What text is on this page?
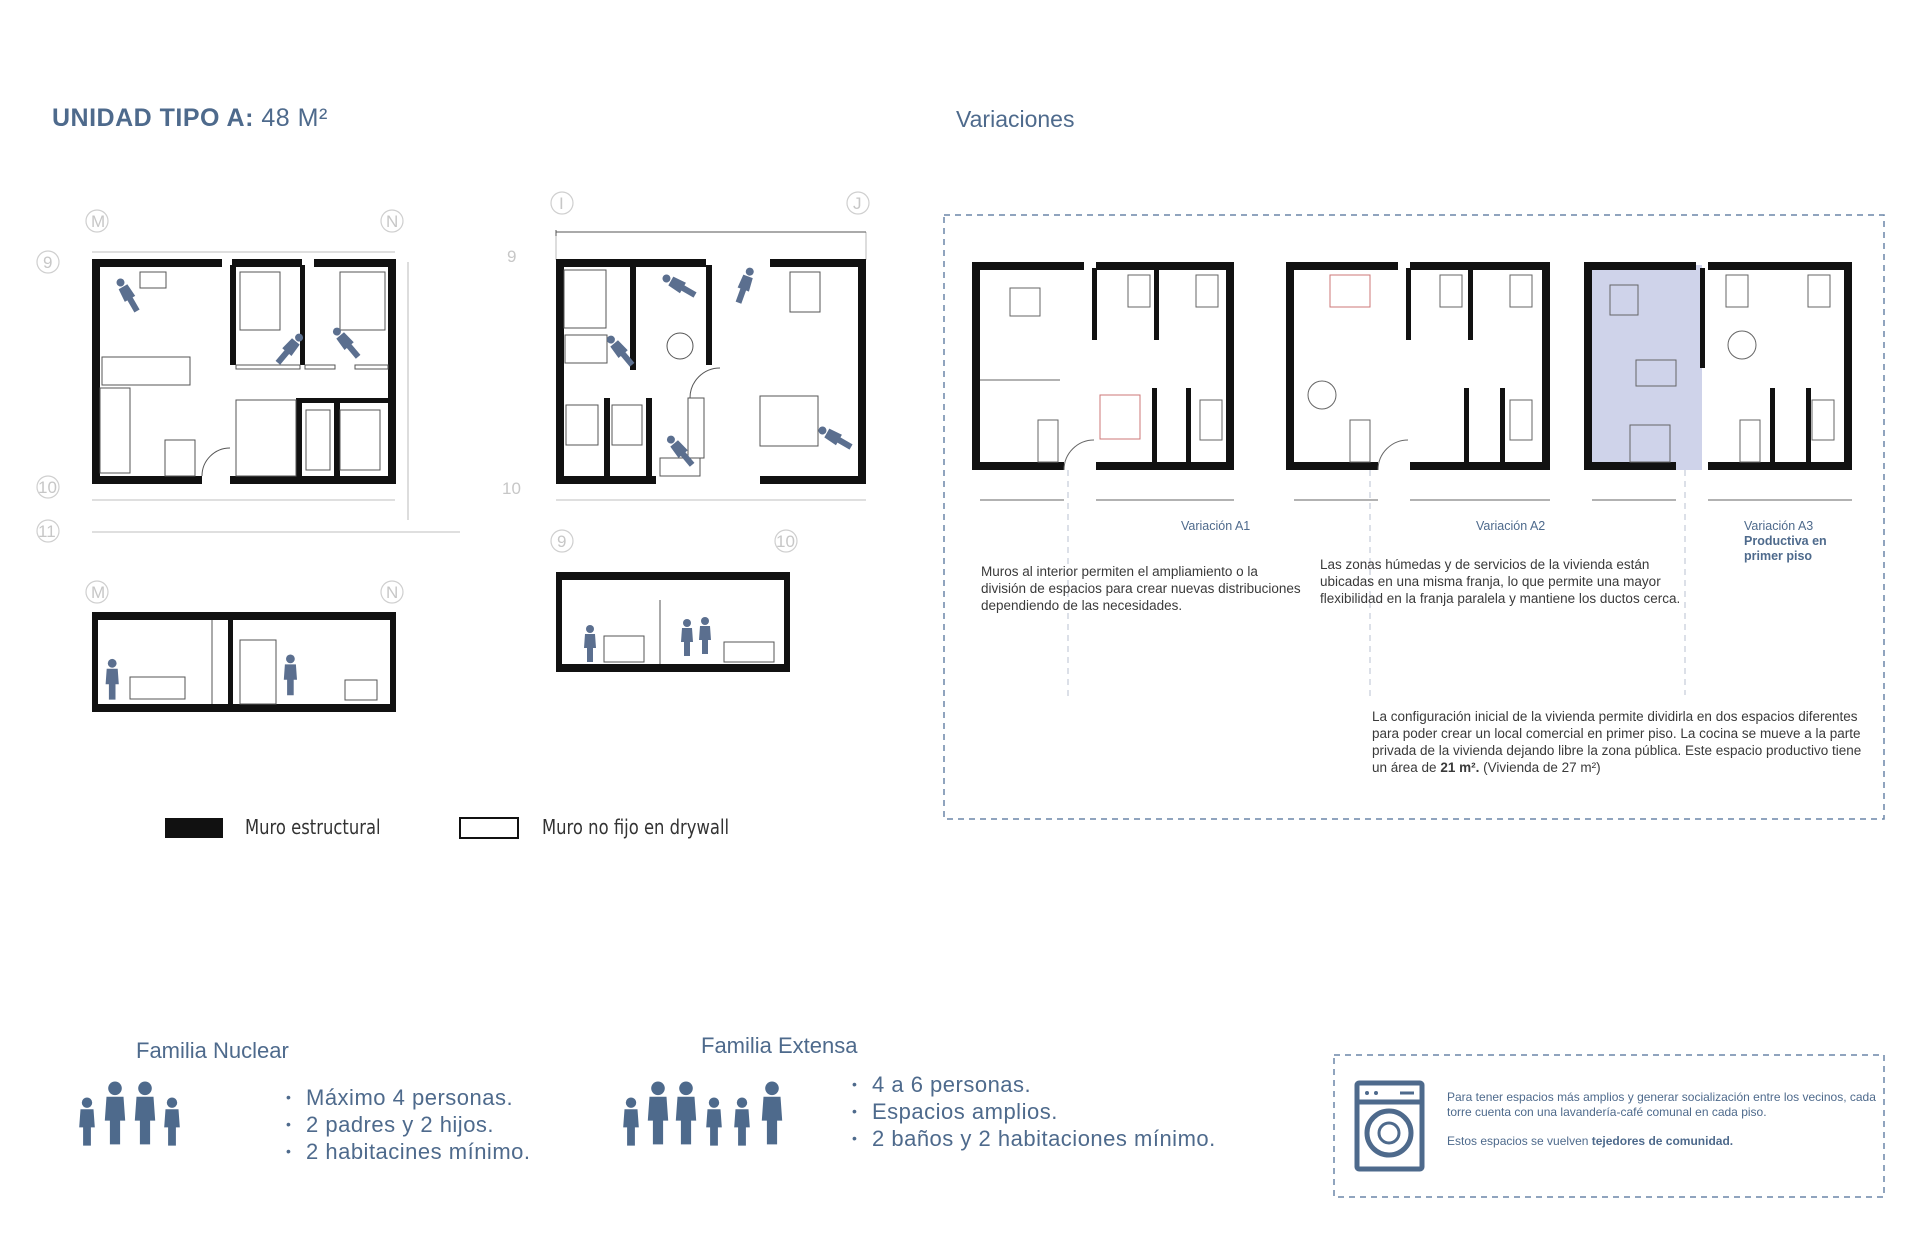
UNIDAD TIPO A: 48 M²	Variaciones
M	N
9
10
11
I	J
9
10
M	N
9	10
Muro estructural	Muro no fijo en drywall
Variación A1	Variación A2	Variación A3
Productiva en primer piso
Muros al interior permiten el ampliamiento o la división de espacios para crear nuevas distribuciones dependiendo de las necesidades.
Las zonas húmedas y de servicios de la vivienda están ubicadas en una misma franja, lo que permite una mayor flexibilidad en la franja paralela y mantiene los ductos cerca.
La configuración inicial de la vivienda permite dividirla en dos espacios diferentes para poder crear un local comercial en primer piso. La cocina se mueve a la parte privada de la vivienda dejando libre la zona pública. Este espacio productivo tiene un área de 21 m². (Vivienda de 27 m²)
Familia Nuclear
• Máximo 4 personas.
• 2 padres y 2 hijos.
• 2 habitacines mínimo.
Familia Extensa
• 4 a 6 personas.
• Espacios amplios.
• 2 baños y 2 habitaciones mínimo.
Para tener espacios más amplios y generar socialización entre los vecinos, cada torre cuenta con una lavandería-café comunal en cada piso.
Estos espacios se vuelven tejedores de comunidad.
